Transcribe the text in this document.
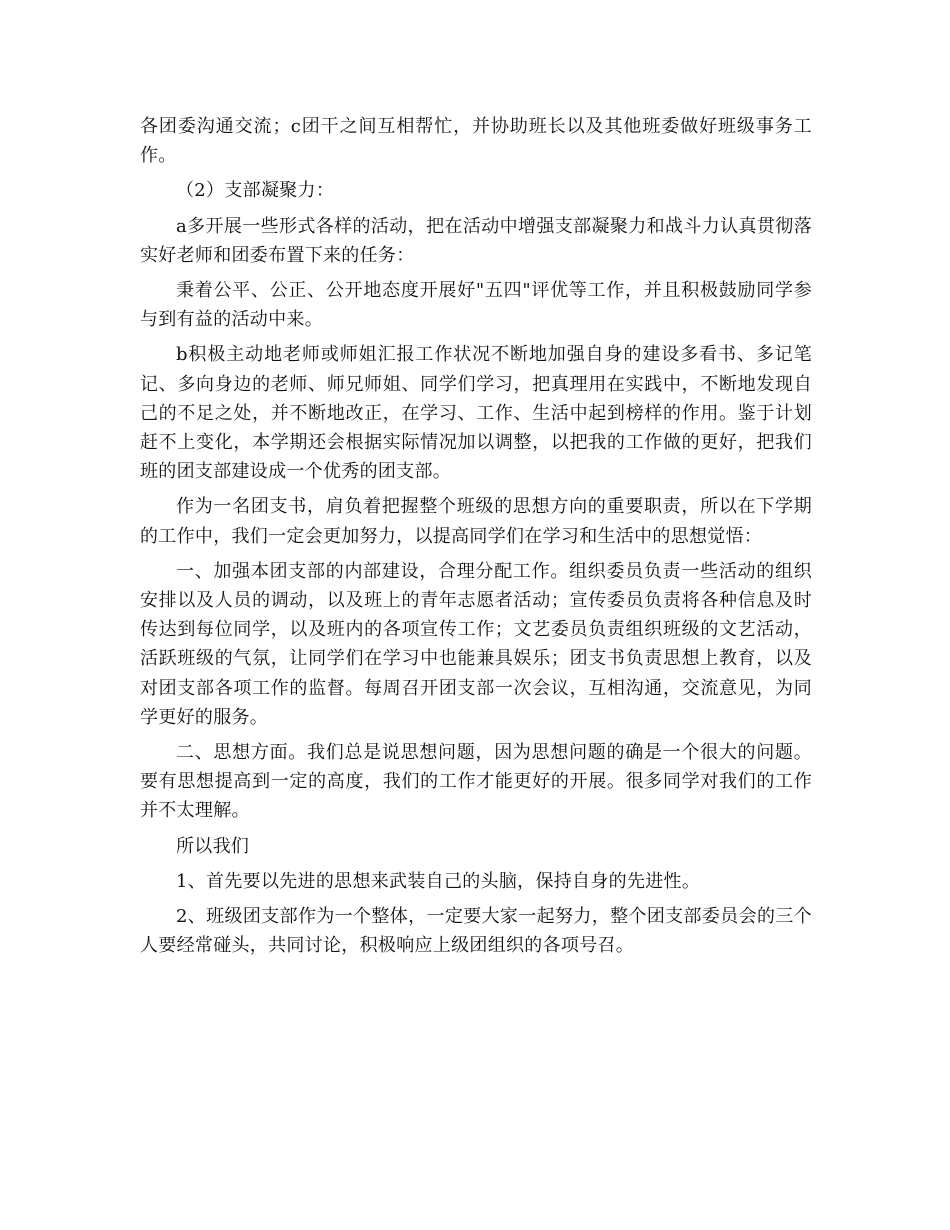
各团委沟通交流；c团干之间互相帮忙，并协助班长以及其他班委做好班级事务工作。

（2）支部凝聚力：

a多开展一些形式各样的活动，把在活动中增强支部凝聚力和战斗力认真贯彻落实好老师和团委布置下来的任务：

秉着公平、公正、公开地态度开展好"五四"评优等工作，并且积极鼓励同学参与到有益的活动中来。

b积极主动地老师或师姐汇报工作状况不断地加强自身的建设多看书、多记笔记、多向身边的老师、师兄师姐、同学们学习，把真理用在实践中，不断地发现自己的不足之处，并不断地改正，在学习、工作、生活中起到榜样的作用。鉴于计划赶不上变化，本学期还会根据实际情况加以调整，以把我的工作做的更好，把我们班的团支部建设成一个优秀的团支部。

作为一名团支书，肩负着把握整个班级的思想方向的重要职责，所以在下学期的工作中，我们一定会更加努力，以提高同学们在学习和生活中的思想觉悟：

一、加强本团支部的内部建设，合理分配工作。组织委员负责一些活动的组织安排以及人员的调动，以及班上的青年志愿者活动；宣传委员负责将各种信息及时传达到每位同学，以及班内的各项宣传工作；文艺委员负责组织班级的文艺活动，活跃班级的气氛，让同学们在学习中也能兼具娱乐；团支书负责思想上教育，以及对团支部各项工作的监督。每周召开团支部一次会议，互相沟通，交流意见，为同学更好的服务。

二、思想方面。我们总是说思想问题，因为思想问题的确是一个很大的问题。要有思想提高到一定的高度，我们的工作才能更好的开展。很多同学对我们的工作并不太理解。

所以我们

1、首先要以先进的思想来武装自己的头脑，保持自身的先进性。

2、班级团支部作为一个整体，一定要大家一起努力，整个团支部委员会的三个人要经常碰头，共同讨论，积极响应上级团组织的各项号召。
